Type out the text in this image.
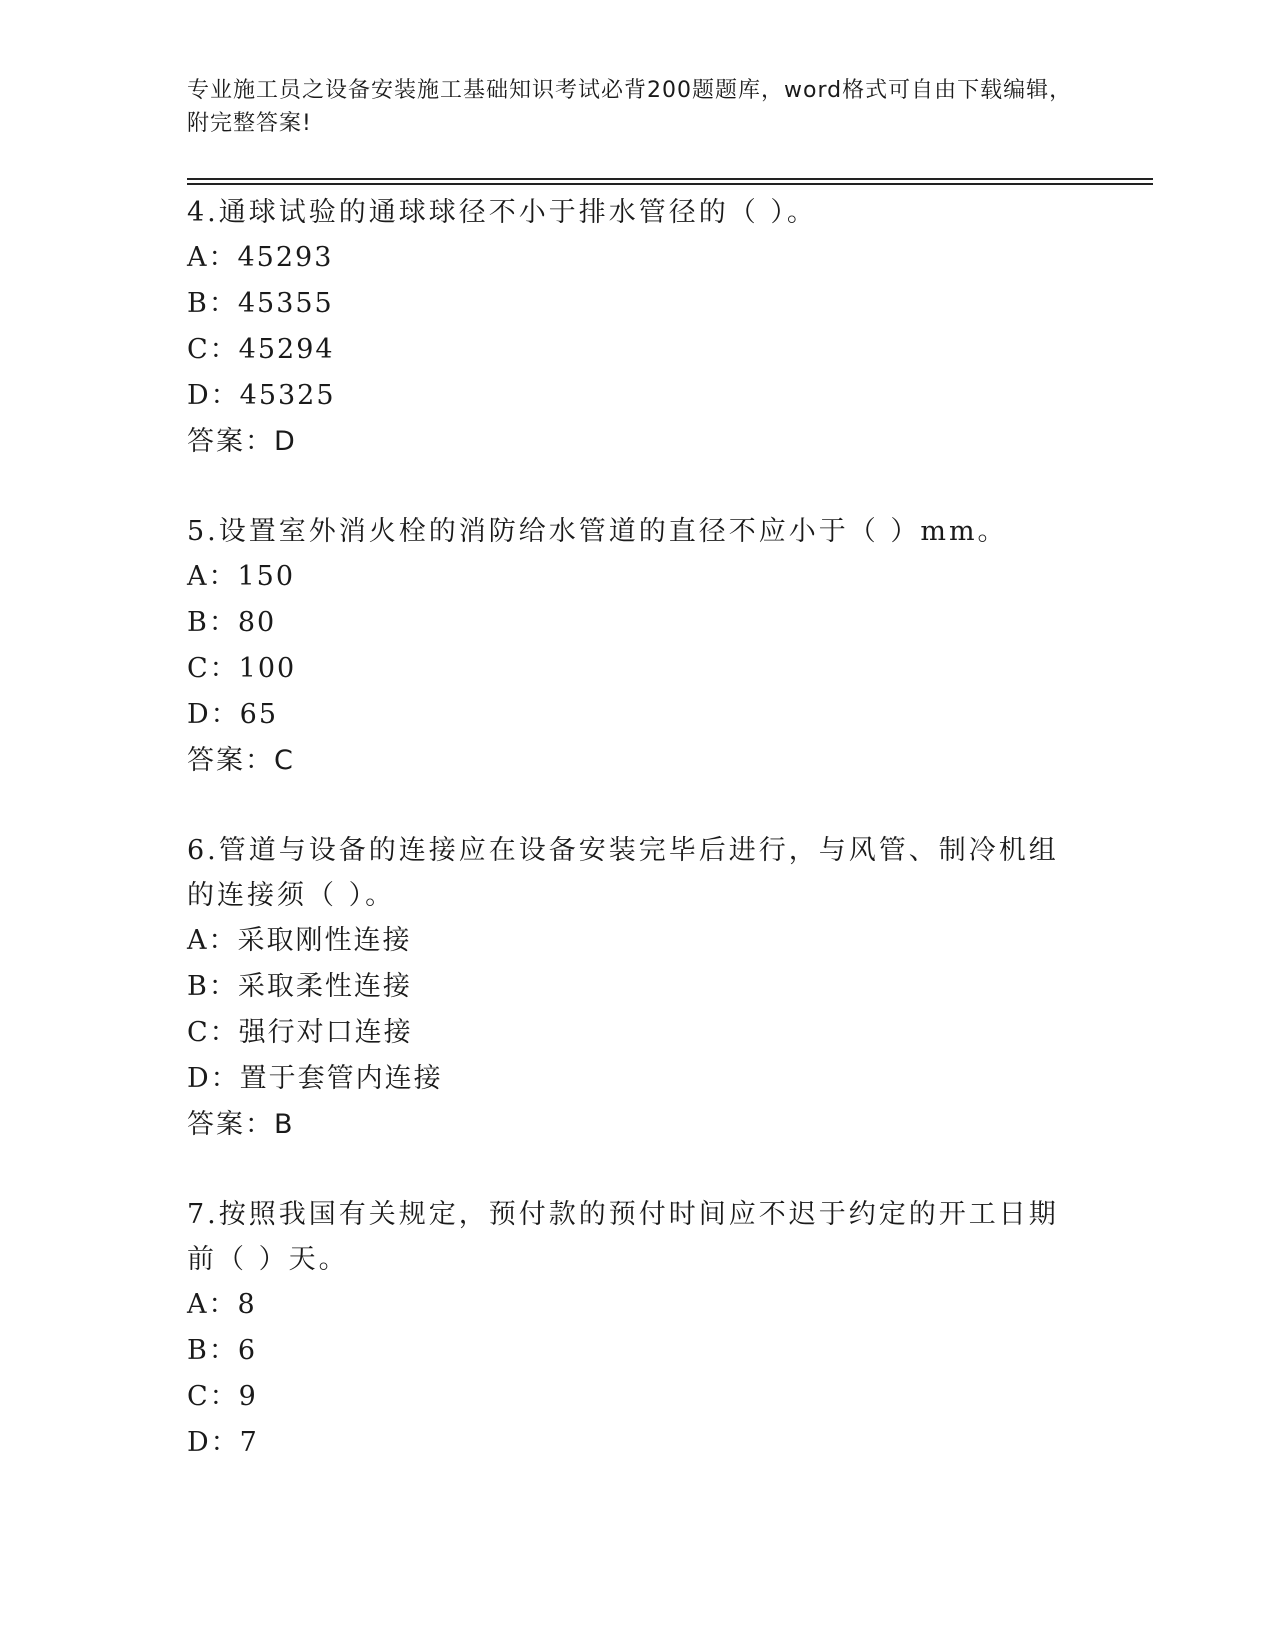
专业施工员之设备安装施工基础知识考试必背200题题库，word格式可自由下载编辑，附完整答案!
4.通球试验的通球球径不小于排水管径的（ ）。
A：45293
B：45355
C：45294
D：45325
答案：D
5.设置室外消火栓的消防给水管道的直径不应小于（ ）mm。
A：150
B：80
C：100
D：65
答案：C
6.管道与设备的连接应在设备安装完毕后进行，与风管、制冷机组的连接须（ ）。
A：采取刚性连接
B：采取柔性连接
C：强行对口连接
D：置于套管内连接
答案：B
7.按照我国有关规定，预付款的预付时间应不迟于约定的开工日期前（ ）天。
A：8
B：6
C：9
D：7
